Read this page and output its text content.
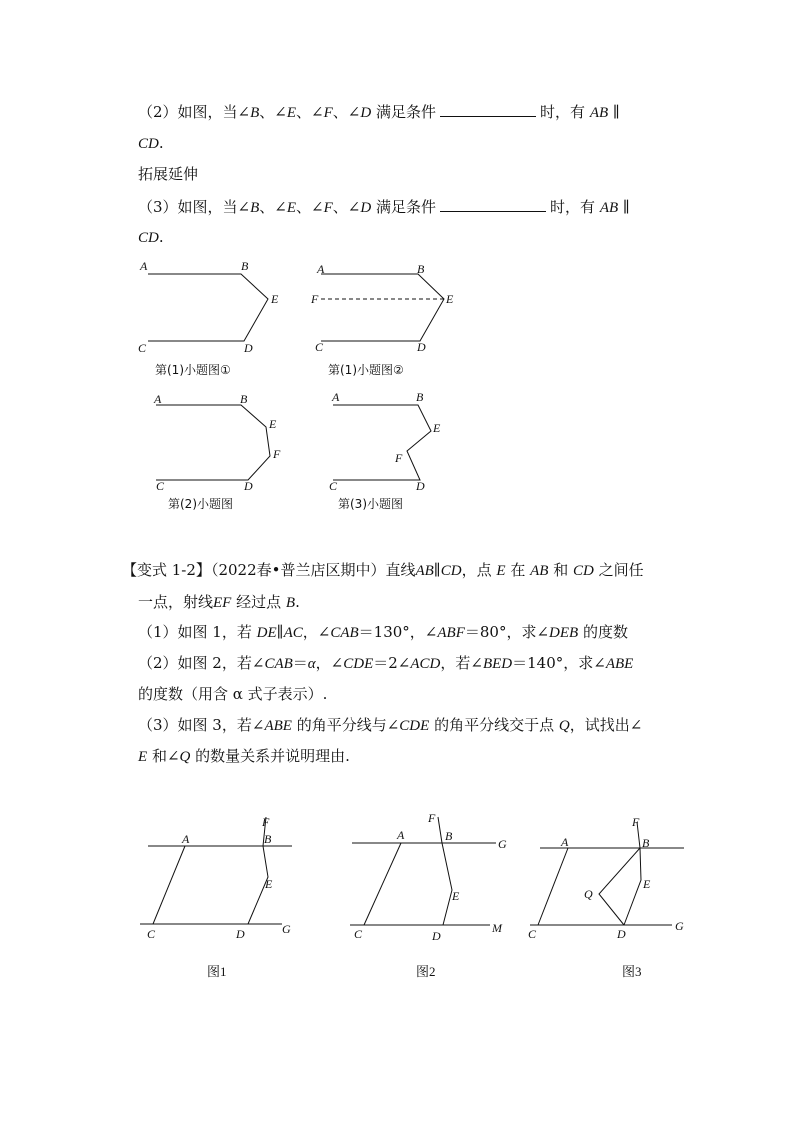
（2）如图，当∠B、∠E、∠F、∠D 满足条件	时，有 AB ∥
CD.
拓展延伸
（3）如图，当∠B、∠E、∠F、∠D 满足条件	时，有 AB ∥
CD.
A	B
E
C	D
第(1)小题图①
A	B
F	E
C	D
第(1)小题图②
A	B
E
F
C	D
第(2)小题图
A	B
E
F
C	D
第(3)小题图
【变式 1-2】（2022春•普兰店区期中）直线AB∥CD，点 E 在 AB 和 CD 之间任
一点，射线EF 经过点 B.
（1）如图 1，若 DE∥AC，∠CAB＝130°，∠ABF＝80°，求∠DEB 的度数
（2）如图 2，若∠CAB＝α，∠CDE＝2∠ACD，若∠BED＝140°，求∠ABE
的度数（用含 α 式子表示）.
（3）如图 3，若∠ABE 的角平分线与∠CDE 的角平分线交于点 Q，试找出∠
E 和∠Q 的数量关系并说明理由.
F
A	B
E
C	D	G
图1
F
A	B
G
E
C	D
M
图2
F
A	B
Q
E
C	D
G
图3
